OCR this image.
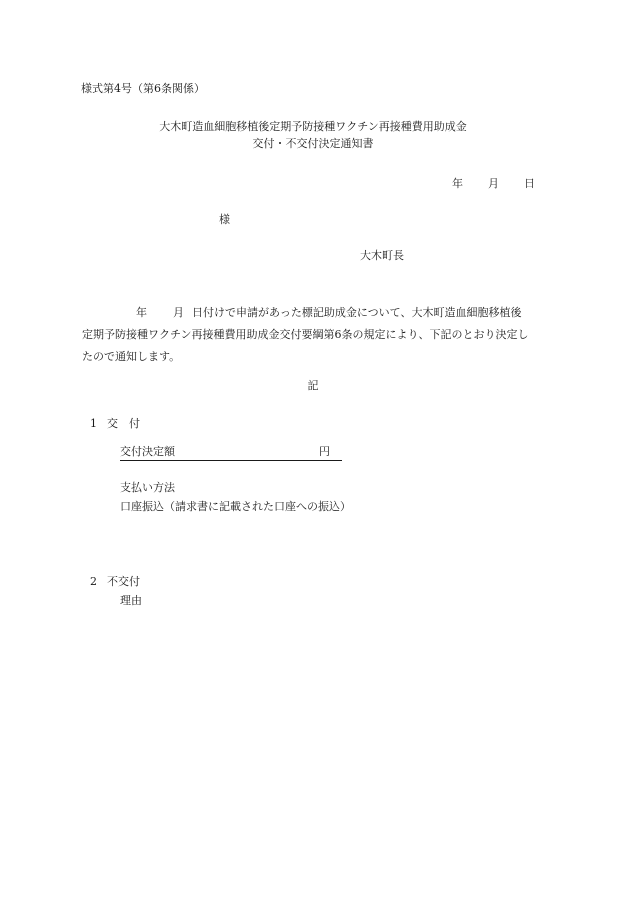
様式第4号（第6条関係）
大木町造血細胞移植後定期予防接種ワクチン再接種費用助成金
交付・不交付決定通知書
年 月 日
様
大木町長
年 月 日付けで申請があった標記助成金について、大木町造血細胞移植後
定期予防接種ワクチン再接種費用助成金交付要綱第6条の規定により、下記のとおり決定し
たので通知します。
記
1 交　付
交付決定額	円
支払い方法
口座振込（請求書に記載された口座への振込）
2 不交付
理由
